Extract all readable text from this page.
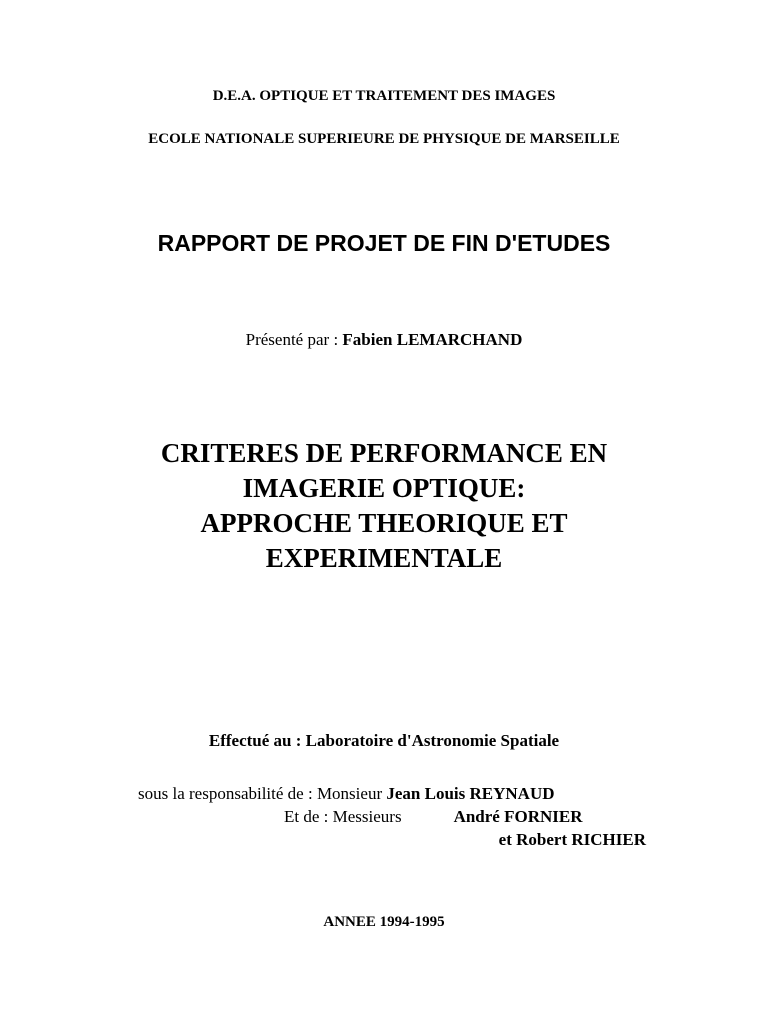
D.E.A. OPTIQUE ET TRAITEMENT DES IMAGES
ECOLE NATIONALE SUPERIEURE DE PHYSIQUE DE MARSEILLE
RAPPORT DE PROJET DE FIN D'ETUDES
Présenté par : Fabien LEMARCHAND
CRITERES DE PERFORMANCE EN
IMAGERIE OPTIQUE:
APPROCHE THEORIQUE ET
EXPERIMENTALE
Effectué au : Laboratoire d'Astronomie Spatiale
sous la responsabilité de : Monsieur Jean Louis REYNAUD
Et de : Messieurs	André FORNIER
et Robert RICHIER
ANNEE 1994-1995
